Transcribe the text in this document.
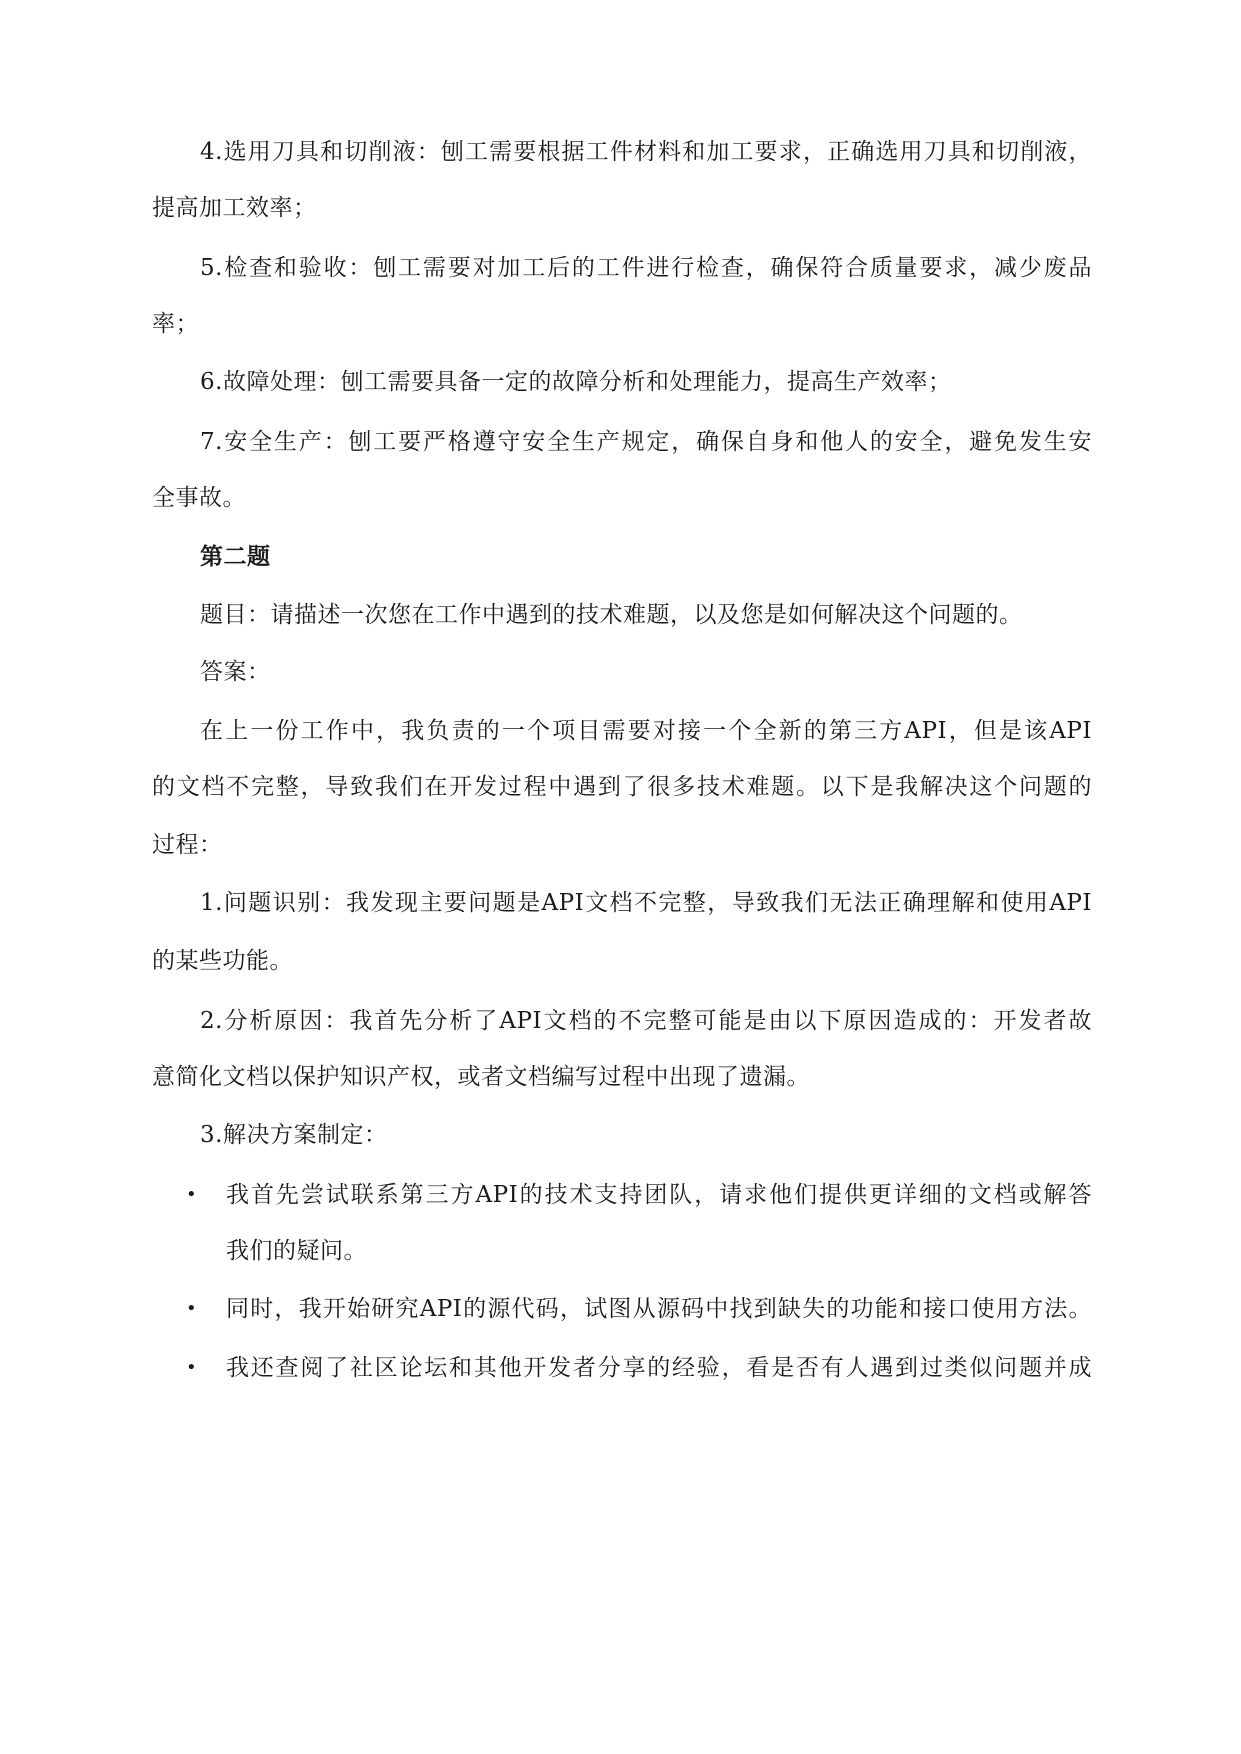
4.选用刀具和切削液：刨工需要根据工件材料和加工要求，正确选用刀具和切削液，
提高加工效率；
5.检查和验收：刨工需要对加工后的工件进行检查，确保符合质量要求，减少废品
率；
6.故障处理：刨工需要具备一定的故障分析和处理能力，提高生产效率；
7.安全生产：刨工要严格遵守安全生产规定，确保自身和他人的安全，避免发生安
全事故。
第二题
题目：请描述一次您在工作中遇到的技术难题，以及您是如何解决这个问题的。
答案：
在上一份工作中，我负责的一个项目需要对接一个全新的第三方API，但是该API
的文档不完整，导致我们在开发过程中遇到了很多技术难题。以下是我解决这个问题的
过程：
1.问题识别：我发现主要问题是API文档不完整，导致我们无法正确理解和使用API
的某些功能。
2.分析原因：我首先分析了API文档的不完整可能是由以下原因造成的：开发者故
意简化文档以保护知识产权，或者文档编写过程中出现了遗漏。
3.解决方案制定：
• 我首先尝试联系第三方API的技术支持团队，请求他们提供更详细的文档或解答
我们的疑问。
• 同时，我开始研究API的源代码，试图从源码中找到缺失的功能和接口使用方法。
• 我还查阅了社区论坛和其他开发者分享的经验，看是否有人遇到过类似问题并成
